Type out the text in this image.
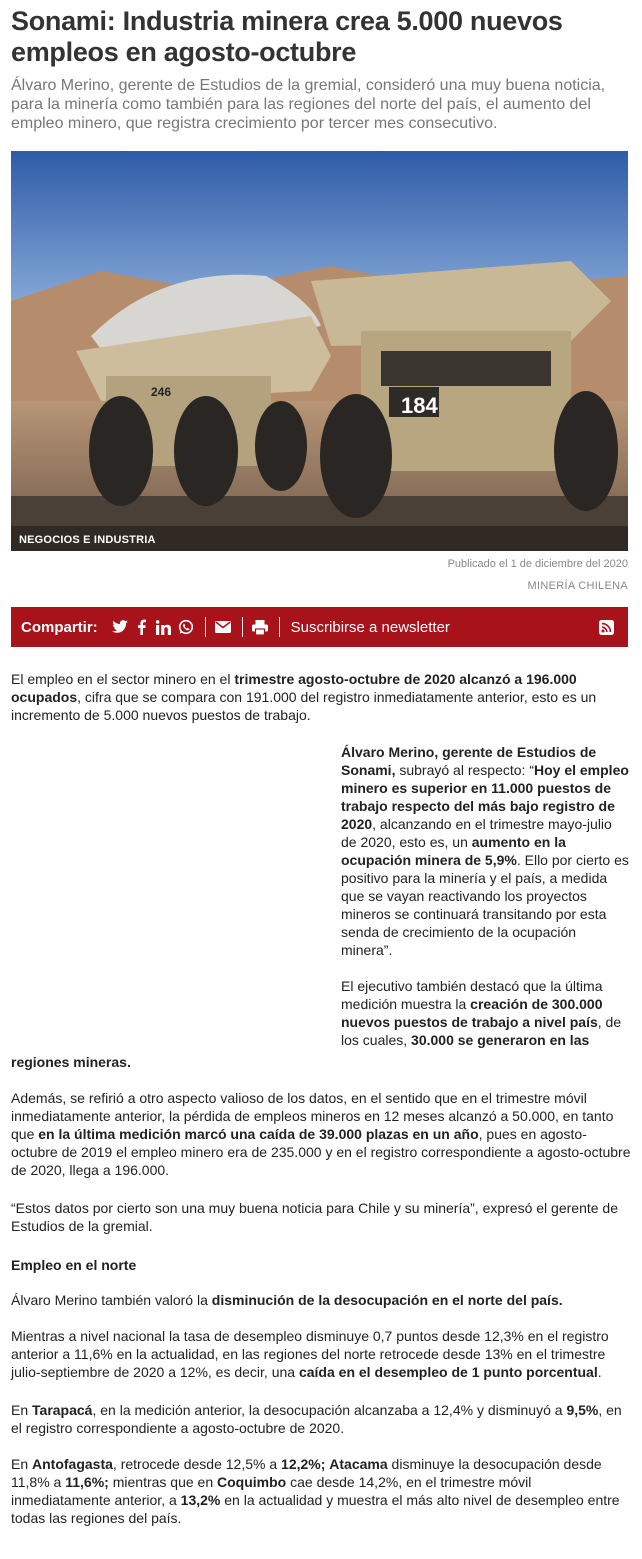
Sonami: Industria minera crea 5.000 nuevos empleos en agosto-octubre

Álvaro Merino, gerente de Estudios de la gremial, consideró una muy buena noticia, para la minería como también para las regiones del norte del país, el aumento del empleo minero, que registra crecimiento por tercer mes consecutivo.

246
184
NEGOCIOS E INDUSTRIA
Publicado el 1 de diciembre del 2020
MINERÍA CHILENA
Compartir:	Suscribirse a newsletter

El empleo en el sector minero en el trimestre agosto-octubre de 2020 alcanzó a 196.000 ocupados, cifra que se compara con 191.000 del registro inmediatamente anterior, esto es un incremento de 5.000 nuevos puestos de trabajo.

Álvaro Merino, gerente de Estudios de Sonami, subrayó al respecto: “Hoy el empleo minero es superior en 11.000 puestos de trabajo respecto del más bajo registro de 2020, alcanzando en el trimestre mayo-julio de 2020, esto es, un aumento en la ocupación minera de 5,9%. Ello por cierto es positivo para la minería y el país, a medida que se vayan reactivando los proyectos mineros se continuará transitando por esta senda de crecimiento de la ocupación minera”.

El ejecutivo también destacó que la última medición muestra la creación de 300.000 nuevos puestos de trabajo a nivel país, de los cuales, 30.000 se generaron en las

regiones mineras.

Además, se refirió a otro aspecto valioso de los datos, en el sentido que en el trimestre móvil inmediatamente anterior, la pérdida de empleos mineros en 12 meses alcanzó a 50.000, en tanto que en la última medición marcó una caída de 39.000 plazas en un año, pues en agosto-octubre de 2019 el empleo minero era de 235.000 y en el registro correspondiente a agosto-octubre de 2020, llega a 196.000.

“Estos datos por cierto son una muy buena noticia para Chile y su minería”, expresó el gerente de Estudios de la gremial.

Empleo en el norte

Álvaro Merino también valoró la disminución de la desocupación en el norte del país.

Mientras a nivel nacional la tasa de desempleo disminuye 0,7 puntos desde 12,3% en el registro anterior a 11,6% en la actualidad, en las regiones del norte retrocede desde 13% en el trimestre julio-septiembre de 2020 a 12%, es decir, una caída en el desempleo de 1 punto porcentual.

En Tarapacá, en la medición anterior, la desocupación alcanzaba a 12,4% y disminuyó a 9,5%, en el registro correspondiente a agosto-octubre de 2020.

En Antofagasta, retrocede desde 12,5% a 12,2%; Atacama disminuye la desocupación desde 11,8% a 11,6%; mientras que en Coquimbo cae desde 14,2%, en el trimestre móvil inmediatamente anterior, a 13,2% en la actualidad y muestra el más alto nivel de desempleo entre todas las regiones del país.
